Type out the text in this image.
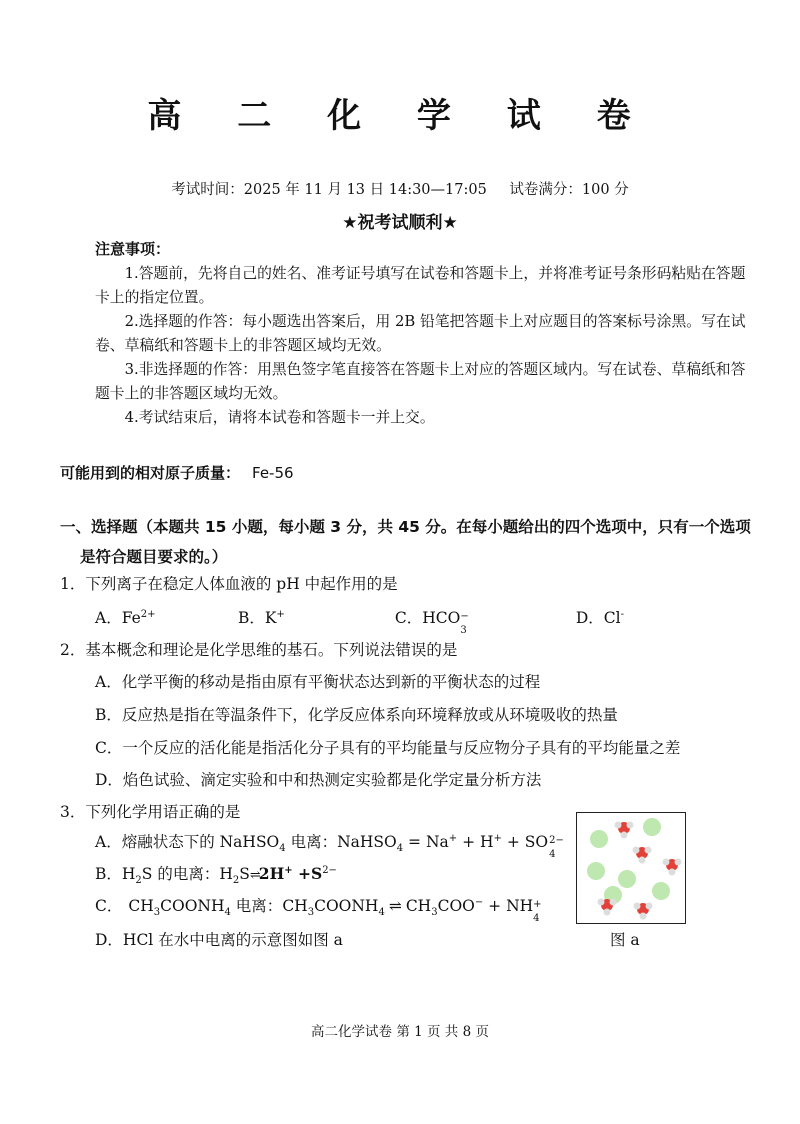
高 二 化 学 试 卷
考试时间：2025 年 11 月 13 日 14:30—17:05 试卷满分：100 分
★祝考试顺利★
注意事项：

1.答题前，先将自己的姓名、准考证号填写在试卷和答题卡上，并将准考证号条形码粘贴在答题卡上的指定位置。

2.选择题的作答：每小题选出答案后，用 2B 铅笔把答题卡上对应题目的答案标号涂黑。写在试卷、草稿纸和答题卡上的非答题区域均无效。

3.非选择题的作答：用黑色签字笔直接答在答题卡上对应的答题区域内。写在试卷、草稿纸和答题卡上的非答题区域均无效。

4.考试结束后，请将本试卷和答题卡一并上交。

可能用到的相对原子质量： Fe-56
一、选择题（本题共 15 小题，每小题 3 分，共 45 分。在每小题给出的四个选项中，只有一个选项
是符合题目要求的。）
1．下列离子在稳定人体血液的 pH 中起作用的是
A．$Fe^{2+}$	B．K+	C．HCO −
3
D．Cl-
2．基本概念和理论是化学思维的基石。下列说法错误的是
A．化学平衡的移动是指由原有平衡状态达到新的平衡状态的过程
B．反应热是指在等温条件下，化学反应体系向环境释放或从环境吸收的热量
C．一个反应的活化能是指活化分子具有的平均能量与反应物分子具有的平均能量之差
D．焰色试验、滴定实验和中和热测定实验都是化学定量分析方法
3．下列化学用语正确的是
A．熔融状态下的 NaHSO$_4$ 电离：NaHSO$_4$ = Na+ + H+ + SO 2−
4
B．$H_2S$ 的电离：$H_2S\rightleftharpoons 2H^+ +S^{2-}$
C． $CH_3COONH_4$ 电离：$CH_3COONH_4$ ⇌ $CH_3COO^-$ + NH +
4
D．HCl 在水中电离的示意图如图 a	图 a
高二化学试卷 第 1 页 共 8 页
